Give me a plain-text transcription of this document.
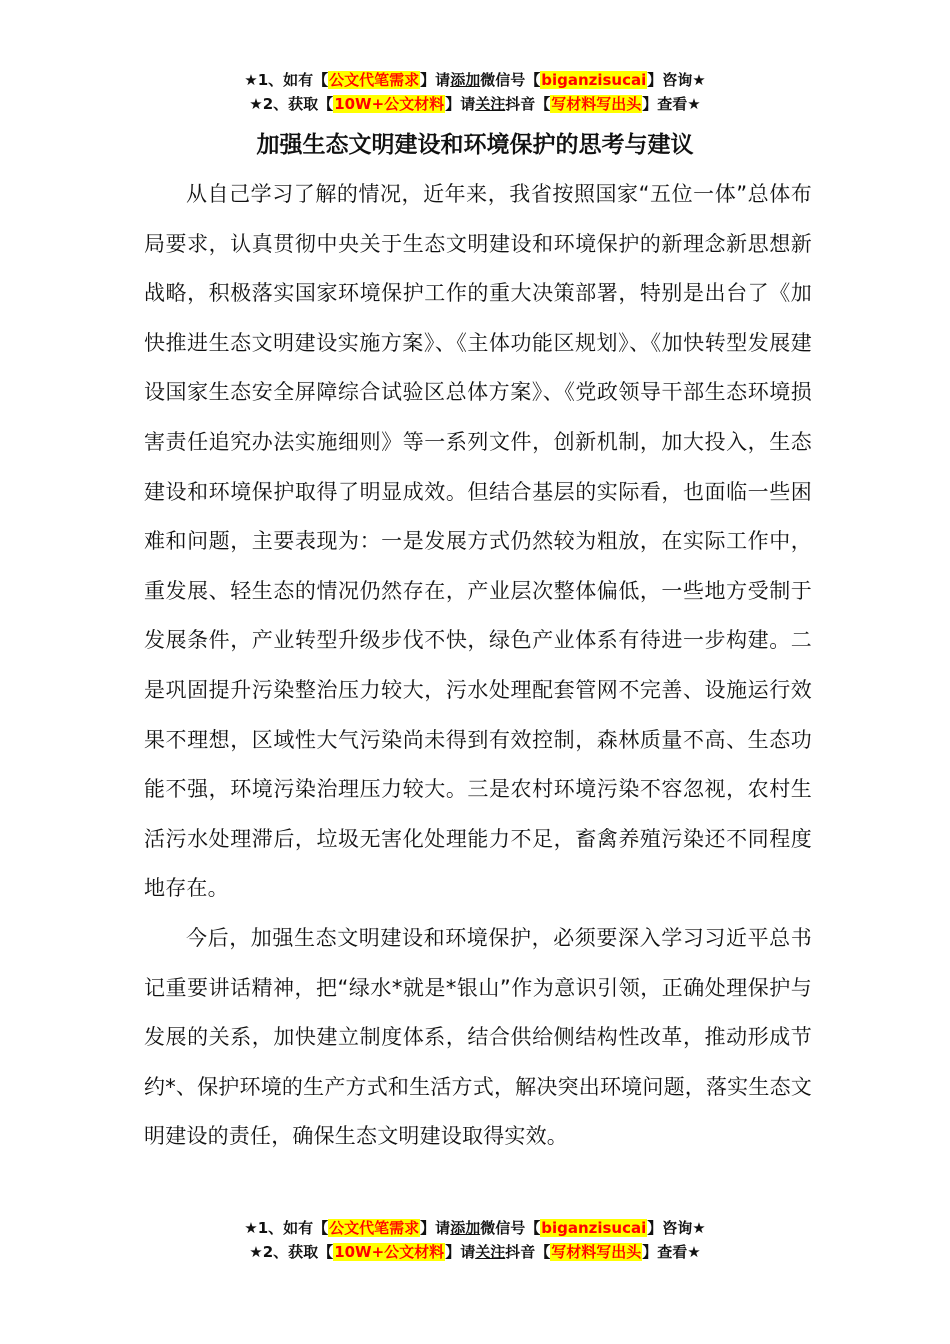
★1、如有【公文代笔需求】请添加微信号【biganzisucai】咨询★
★2、获取【10W+公文材料】请关注抖音【写材料写出头】查看★
加强生态文明建设和环境保护的思考与建议

从自己学习了解的情况，近年来，我省按照国家“五位一体”总体布局要求，认真贯彻中央关于生态文明建设和环境保护的新理念新思想新战略，积极落实国家环境保护工作的重大决策部署，特别是出台了《加快推进生态文明建设实施方案》、《主体功能区规划》、《加快转型发展建设国家生态安全屏障综合试验区总体方案》、《党政领导干部生态环境损害责任追究办法实施细则》等一系列文件，创新机制，加大投入，生态建设和环境保护取得了明显成效。但结合基层的实际看，也面临一些困难和问题，主要表现为：一是发展方式仍然较为粗放，在实际工作中，重发展、轻生态的情况仍然存在，产业层次整体偏低，一些地方受制于发展条件，产业转型升级步伐不快，绿色产业体系有待进一步构建。二是巩固提升污染整治压力较大，污水处理配套管网不完善、设施运行效果不理想，区域性大气污染尚未得到有效控制，森林质量不高、生态功能不强，环境污染治理压力较大。三是农村环境污染不容忽视，农村生活污水处理滞后，垃圾无害化处理能力不足，畜禽养殖污染还不同程度地存在。

今后，加强生态文明建设和环境保护，必须要深入学习习近平总书记重要讲话精神，把“绿水*就是*银山”作为意识引领，正确处理保护与发展的关系，加快建立制度体系，结合供给侧结构性改革，推动形成节约*、保护环境的生产方式和生活方式，解决突出环境问题，落实生态文明建设的责任，确保生态文明建设取得实效。

★1、如有【公文代笔需求】请添加微信号【biganzisucai】咨询★
★2、获取【10W+公文材料】请关注抖音【写材料写出头】查看★
